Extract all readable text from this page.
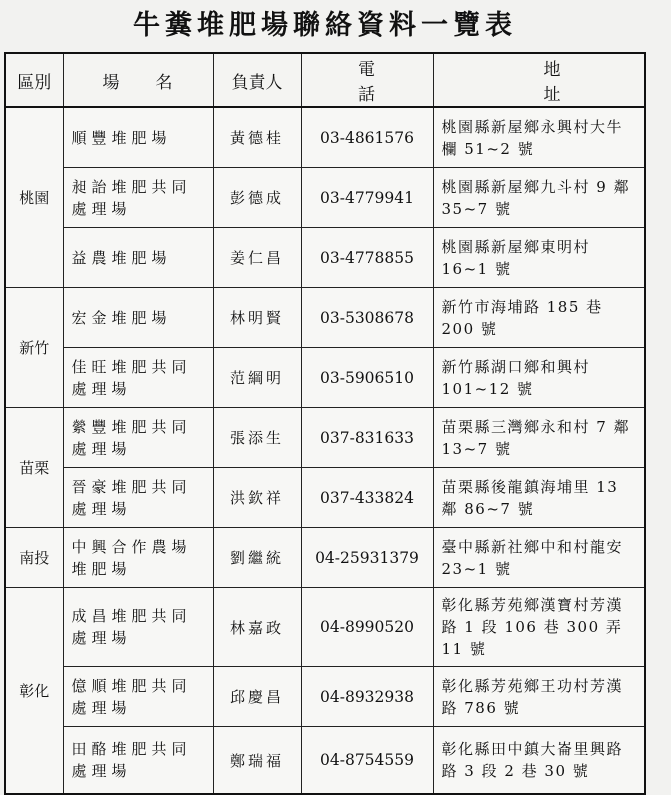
牛糞堆肥場聯絡資料一覽表
區別	場名	負責人	電話	地址
桃園	順豐堆肥場	黃德桂	03-4861576	桃園縣新屋鄉永興村大牛欄 51~2 號
	昶詒堆肥共同處理場	彭德成	03-4779941	桃園縣新屋鄉九斗村 9 鄰 35~7 號
	益農堆肥場	姜仁昌	03-4778855	桃園縣新屋鄉東明村 16~1 號
新竹	宏金堆肥場	林明賢	03-5308678	新竹市海埔路 185 巷 200 號
	佳旺堆肥共同處理場	范綱明	03-5906510	新竹縣湖口鄉和興村 101~12 號
苗栗	縈豐堆肥共同處理場	張添生	037-831633	苗栗縣三灣鄉永和村 7 鄰 13~7 號
	晉豪堆肥共同處理場	洪欽祥	037-433824	苗栗縣後龍鎮海埔里 13 鄰 86~7 號
南投	中興合作農場堆肥場	劉繼統	04-25931379	臺中縣新社鄉中和村龍安 23~1 號
彰化	成昌堆肥共同處理場	林嘉政	04-8990520	彰化縣芳苑鄉漢寶村芳漢路 1 段 106 巷 300 弄 11 號
	億順堆肥共同處理場	邱慶昌	04-8932938	彰化縣芳苑鄉王功村芳漢路 786 號
	田酪堆肥共同處理場	鄭瑞福	04-8754559	彰化縣田中鎮大崙里興路路 3 段 2 巷 30 號
